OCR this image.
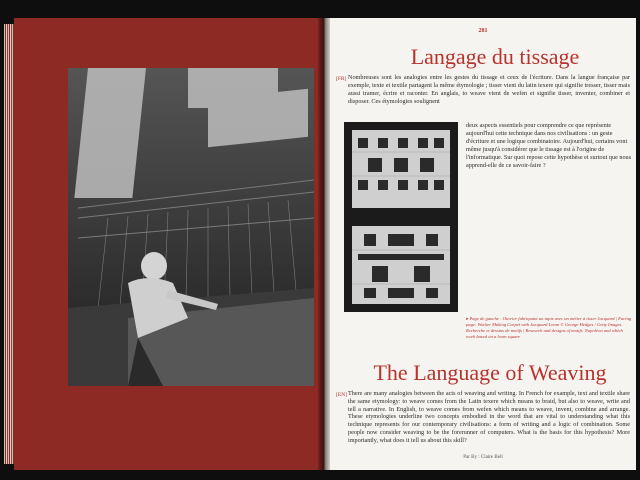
281
Langage du tissage
[FR] Nombreuses sont les analogies entre les gestes du tissage et ceux de l'écriture. Dans la langue française par exemple, texte et textile partagent la même étymologie ; tisser vient du latin texere qui signifie tresser, tisser mais aussi tramer, écrire et raconter. En anglais, to weave vient de wefen et signifie tisser, inventer, combiner et disposer. Ces étymologies soulignent
deux aspects essentiels pour comprendre ce que représente aujourd'hui cette technique dans nos civilisations : un geste d'écriture et une logique combinatoire. Aujourd'hui, certains vont même jusqu'à considérer que le tissage est à l'origine de l'informatique. Sur quoi repose cette hypothèse et surtout que nous apprend-elle de ce savoir-faire ?
▸ Page de gauche : Ouvrier fabriquant un tapis avec un métier à tisser Jacquard | Facing page: Worker Making Carpet with Jacquard Loom © George Hedges / Getty Images. Recherche et dessins de motifs | Research and designs of motifs. Napoléon and which work based on a loom square
The Language of Weaving
[EN] There are many analogies between the acts of weaving and writing. In French for example, text and textile share the same etymology: to weave comes from the Latin texere which means to braid, but also to weave, write and tell a narrative. In English, to weave comes from wefen which means to weave, invent, combine and arrange. These etymologies underline two concepts embodied in the word that are vital to understanding what this technique represents for our contemporary civilisations: a form of writing and a logic of combination. Some people now consider weaving to be the forerunner of computers. What is the basis for this hypothesis? More importantly, what does it tell us about this skill?
Par By : Claire Bell
